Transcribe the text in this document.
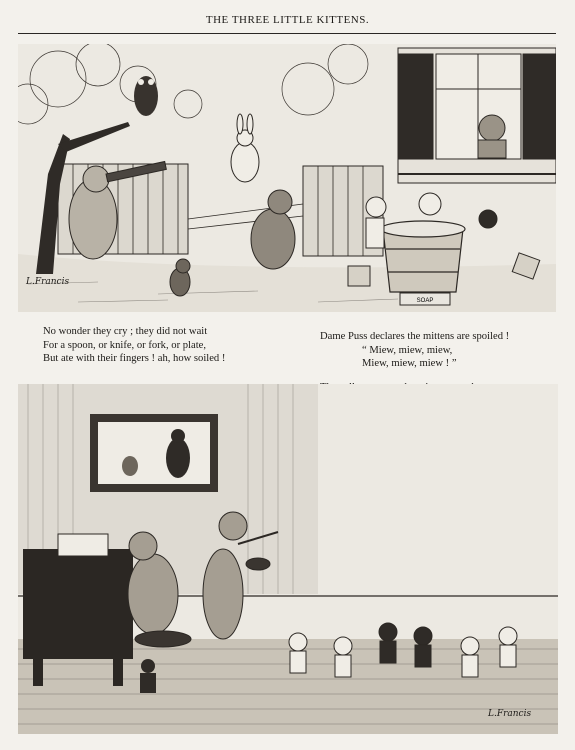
THE THREE LITTLE KITTENS.
SOAP
L.Francis
No wonder they cry ; they did not wait
For a spoon, or knife, or fork, or plate,
But ate with their fingers ! ah, how soiled !
Dame Puss declares the mittens are spoiled !
“ Miew, miew, miew,
Miew, miew, miew ! ”
L.Francis
